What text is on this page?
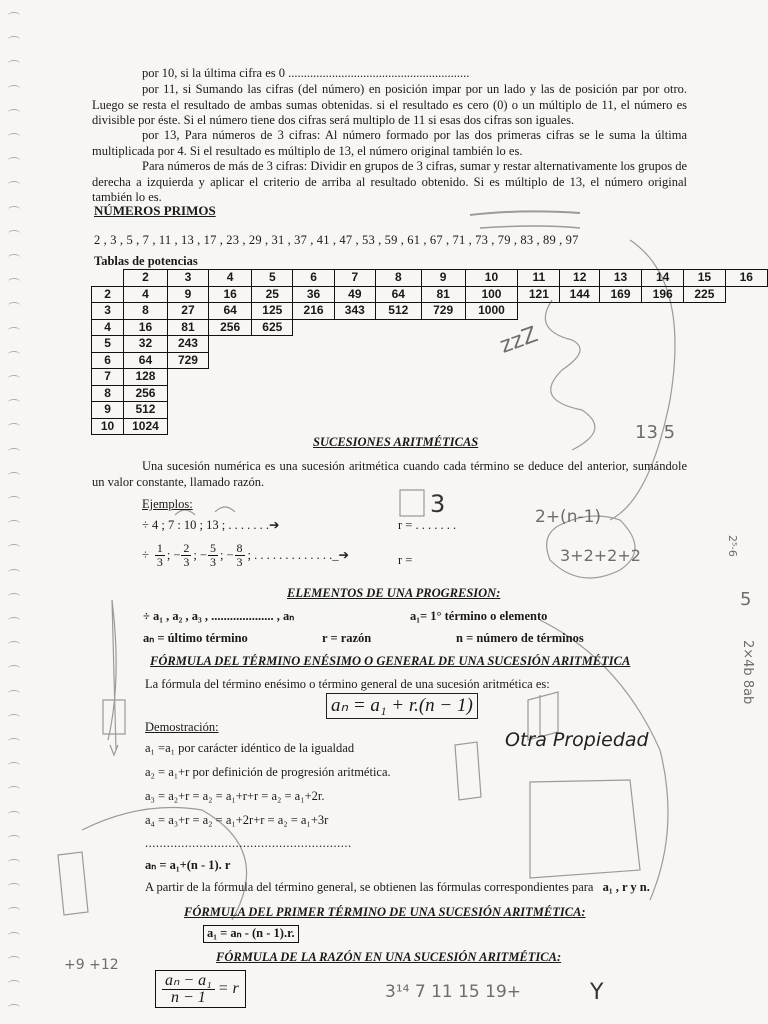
por 10, si la última cifra es 0 ..........................................................
por 11, si Sumando las cifras (del número) en posición impar por un lado y las de posición par por otro. Luego se resta el resultado de ambas sumas obtenidas. si el resultado es cero (0) o un múltiplo de 11, el número es divisible por éste. Si el número tiene dos cifras será multiplo de 11 si esas dos cifras son iguales.
por 13, Para números de 3 cifras: Al número formado por las dos primeras cifras se le suma la última multiplicada por 4. Si el resultado es múltiplo de 13, el número original también lo es.
Para números de más de 3 cifras: Dividir en grupos de 3 cifras, sumar y restar alternativamente los grupos de derecha a izquierda y aplicar el criterio de arriba al resultado obtenido. Si es múltiplo de 13, el número original también lo es.
NÚMEROS PRIMOS
2 , 3 , 5 , 7 , 11 , 13 , 17 , 23 , 29 , 31 , 37 , 41 , 47 , 53 , 59 , 61 , 67 , 71 , 73 , 79 , 83 , 89 , 97
Tablas de potencias
	2	3	4	5	6	7	8	9	10	11	12	13	14	15	16
2	4	9	16	25	36	49	64	81	100	121	144	169	196	225	
3	8	27	64	125	216	343	512	729	1000						
4	16	81	256	625											
5	32	243													
6	64	729													
7	128														
8	256														
9	512														
10	1024														
3
zzZ
13 5
2+(n-1)
3+2+2+2	2⁵·6
2×4b 8ab
5
Otra Propiedad
Y
3¹⁴ 7 11 15 19+
+9 +12
SUCESIONES ARITMÉTICAS
Una sucesión numérica es una sucesión aritmética cuando cada término se deduce del anterior, sumándole un valor constante, llamado razón.
Ejemplos:
÷ 4 ; 7 : 10 ; 13 ; . . . . . . .➔	r = . . . . . . .
÷ $\frac{1}{3}$ ; − $\frac{2}{3}$ ; − $\frac{5}{3}$ ; − $\frac{8}{3}$ ; . . . . . . . . . . . . ._➔	r =
ELEMENTOS DE UNA PROGRESION:
÷ a₁ , a₂ , a₃ , .................... , aₙ	a₁= 1° término o elemento
aₙ = último término	r = razón	n = número de términos
FÓRMULA DEL TÉRMINO ENÉSIMO O GENERAL DE UNA SUCESIÓN ARITMÉTICA
La fórmula del término enésimo o término general de una sucesión aritmética es:
aₙ = a₁ + r.(n − 1)
Demostración:
a₁ =a₁ por carácter idéntico de la igualdad
a₂ = a₁+r por definición de progresión aritmética.
a₃ = a₂+r = a₂ = a₁+r+r = a₂ = a₁+2r.
a₄ = a₃+r = a₂ = a₁+2r+r = a₂ = a₁+3r
.........................................................
aₙ = a₁+(n - 1). r
A partir de la fórmula del término general, se obtienen las fórmulas correspondientes para a₁ , r y n.
FÓRMULA DEL PRIMER TÉRMINO DE UNA SUCESIÓN ARITMÉTICA:
a₁ = aₙ - (n - 1).r.
FÓRMULA DE LA RAZÓN EN UNA SUCESIÓN ARITMÉTICA:
$\frac{\text{aₙ − a₁}}{n - 1} = r$
